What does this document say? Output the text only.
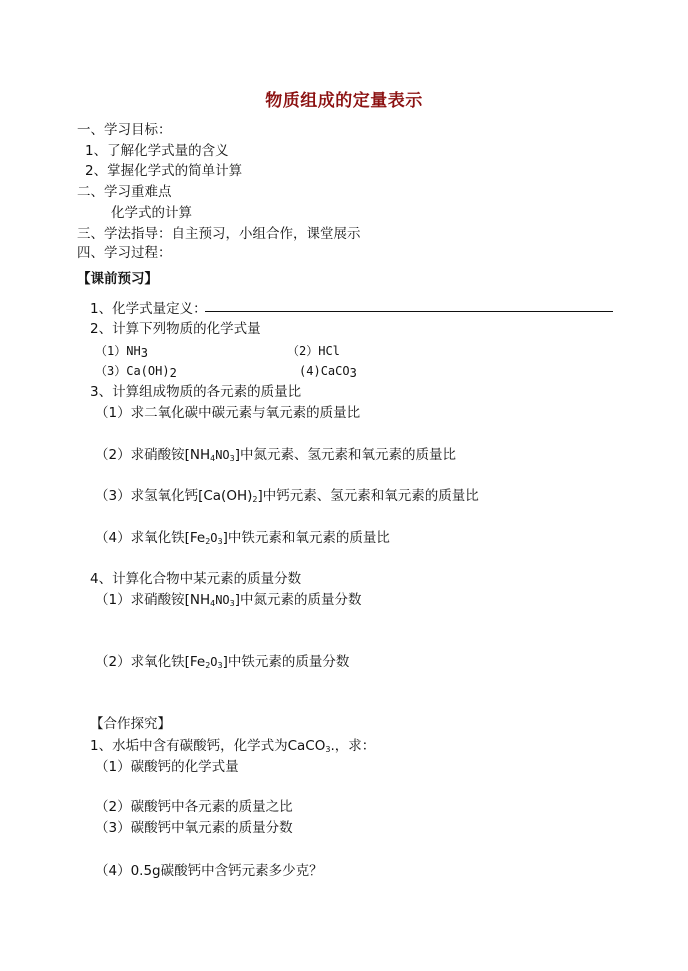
物质组成的定量表示
一、学习目标：
1、了解化学式量的含义
2、掌握化学式的简单计算
二、学习重难点
化学式的计算
三、学法指导：自主预习，小组合作，课堂展示
四、学习过程：
【课前预习】
1、化学式量定义：
2、计算下列物质的化学式量
$(1)NH_3$	（2）HCl
$(3)Ca(OH)_2$	(4)CaCO$_3$
3、计算组成物质的各元素的质量比
（1）求二氧化碳中碳元素与氧元素的质量比
（2）求硝酸铵$[NH_4NO_3]$中氮元素、氢元素和氧元素的质量比
（3）求氢氧化钙$[Ca(OH)_2]$中钙元素、氢元素和氧元素的质量比
（4）求氧化铁$[Fe_2O_3]$中铁元素和氧元素的质量比
4、计算化合物中某元素的质量分数
（1）求硝酸铵$[NH_4NO_3]$中氮元素的质量分数
（2）求氧化铁$[Fe_2O_3]$中铁元素的质量分数
【合作探究】
1、水垢中含有碳酸钙，化学式为CaCO$_3$.，求：
（1）碳酸钙的化学式量
（2）碳酸钙中各元素的质量之比
（3）碳酸钙中氧元素的质量分数
（4）0.5g碳酸钙中含钙元素多少克？
